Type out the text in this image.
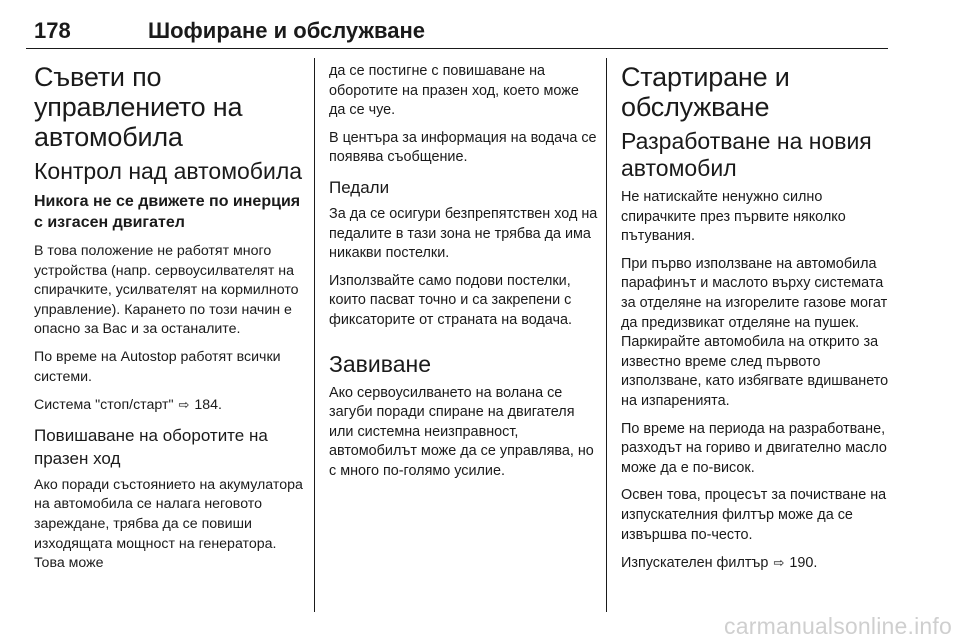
178	Шофиране и обслужване
Съвети по управлението на автомобила
Контрол над автомобила
Никога не се движете по инерция с изгасен двигател

В това положение не работят много устройства (напр. сервоусилвателят на спирачките, усилвателят на кормилното управление). Карането по този начин е опасно за Вас и за останалите.

По време на Autostop работят всички системи.

Система "стоп/старт" ⇨ 184.

Повишаване на оборотите на празен ход

Ако поради състоянието на акумулатора на автомобила се налага неговото зареждане, трябва да се повиши изходящата мощност на генератора. Това може

да се постигне с повишаване на оборотите на празен ход, което може да се чуе.

В центъра за информация на водача се появява съобщение.

Педали

За да се осигури безпрепятствен ход на педалите в тази зона не трябва да има никакви постелки.

Използвайте само подови постелки, които пасват точно и са закрепени с фиксаторите от страната на водача.

Завиване

Ако сервоусилването на волана се загуби поради спиране на двигателя или системна неизправност, автомобилът може да се управлява, но с много по-голямо усилие.

Стартиране и обслужване
Разработване на новия автомобил

Не натискайте ненужно силно спирачките през първите няколко пътувания.

При първо използване на автомобила парафинът и маслото върху системата за отделяне на изгорелите газове могат да предизвикат отделяне на пушек. Паркирайте автомобила на открито за известно време след първото използване, като избягвате вдишването на изпаренията.

По време на периода на разработване, разходът на гориво и двигателно масло може да е по-висок.

Освен това, процесът за почистване на изпускателния филтър може да се извършва по-често.

Изпускателен филтър ⇨ 190.

carmanualsonline.info
